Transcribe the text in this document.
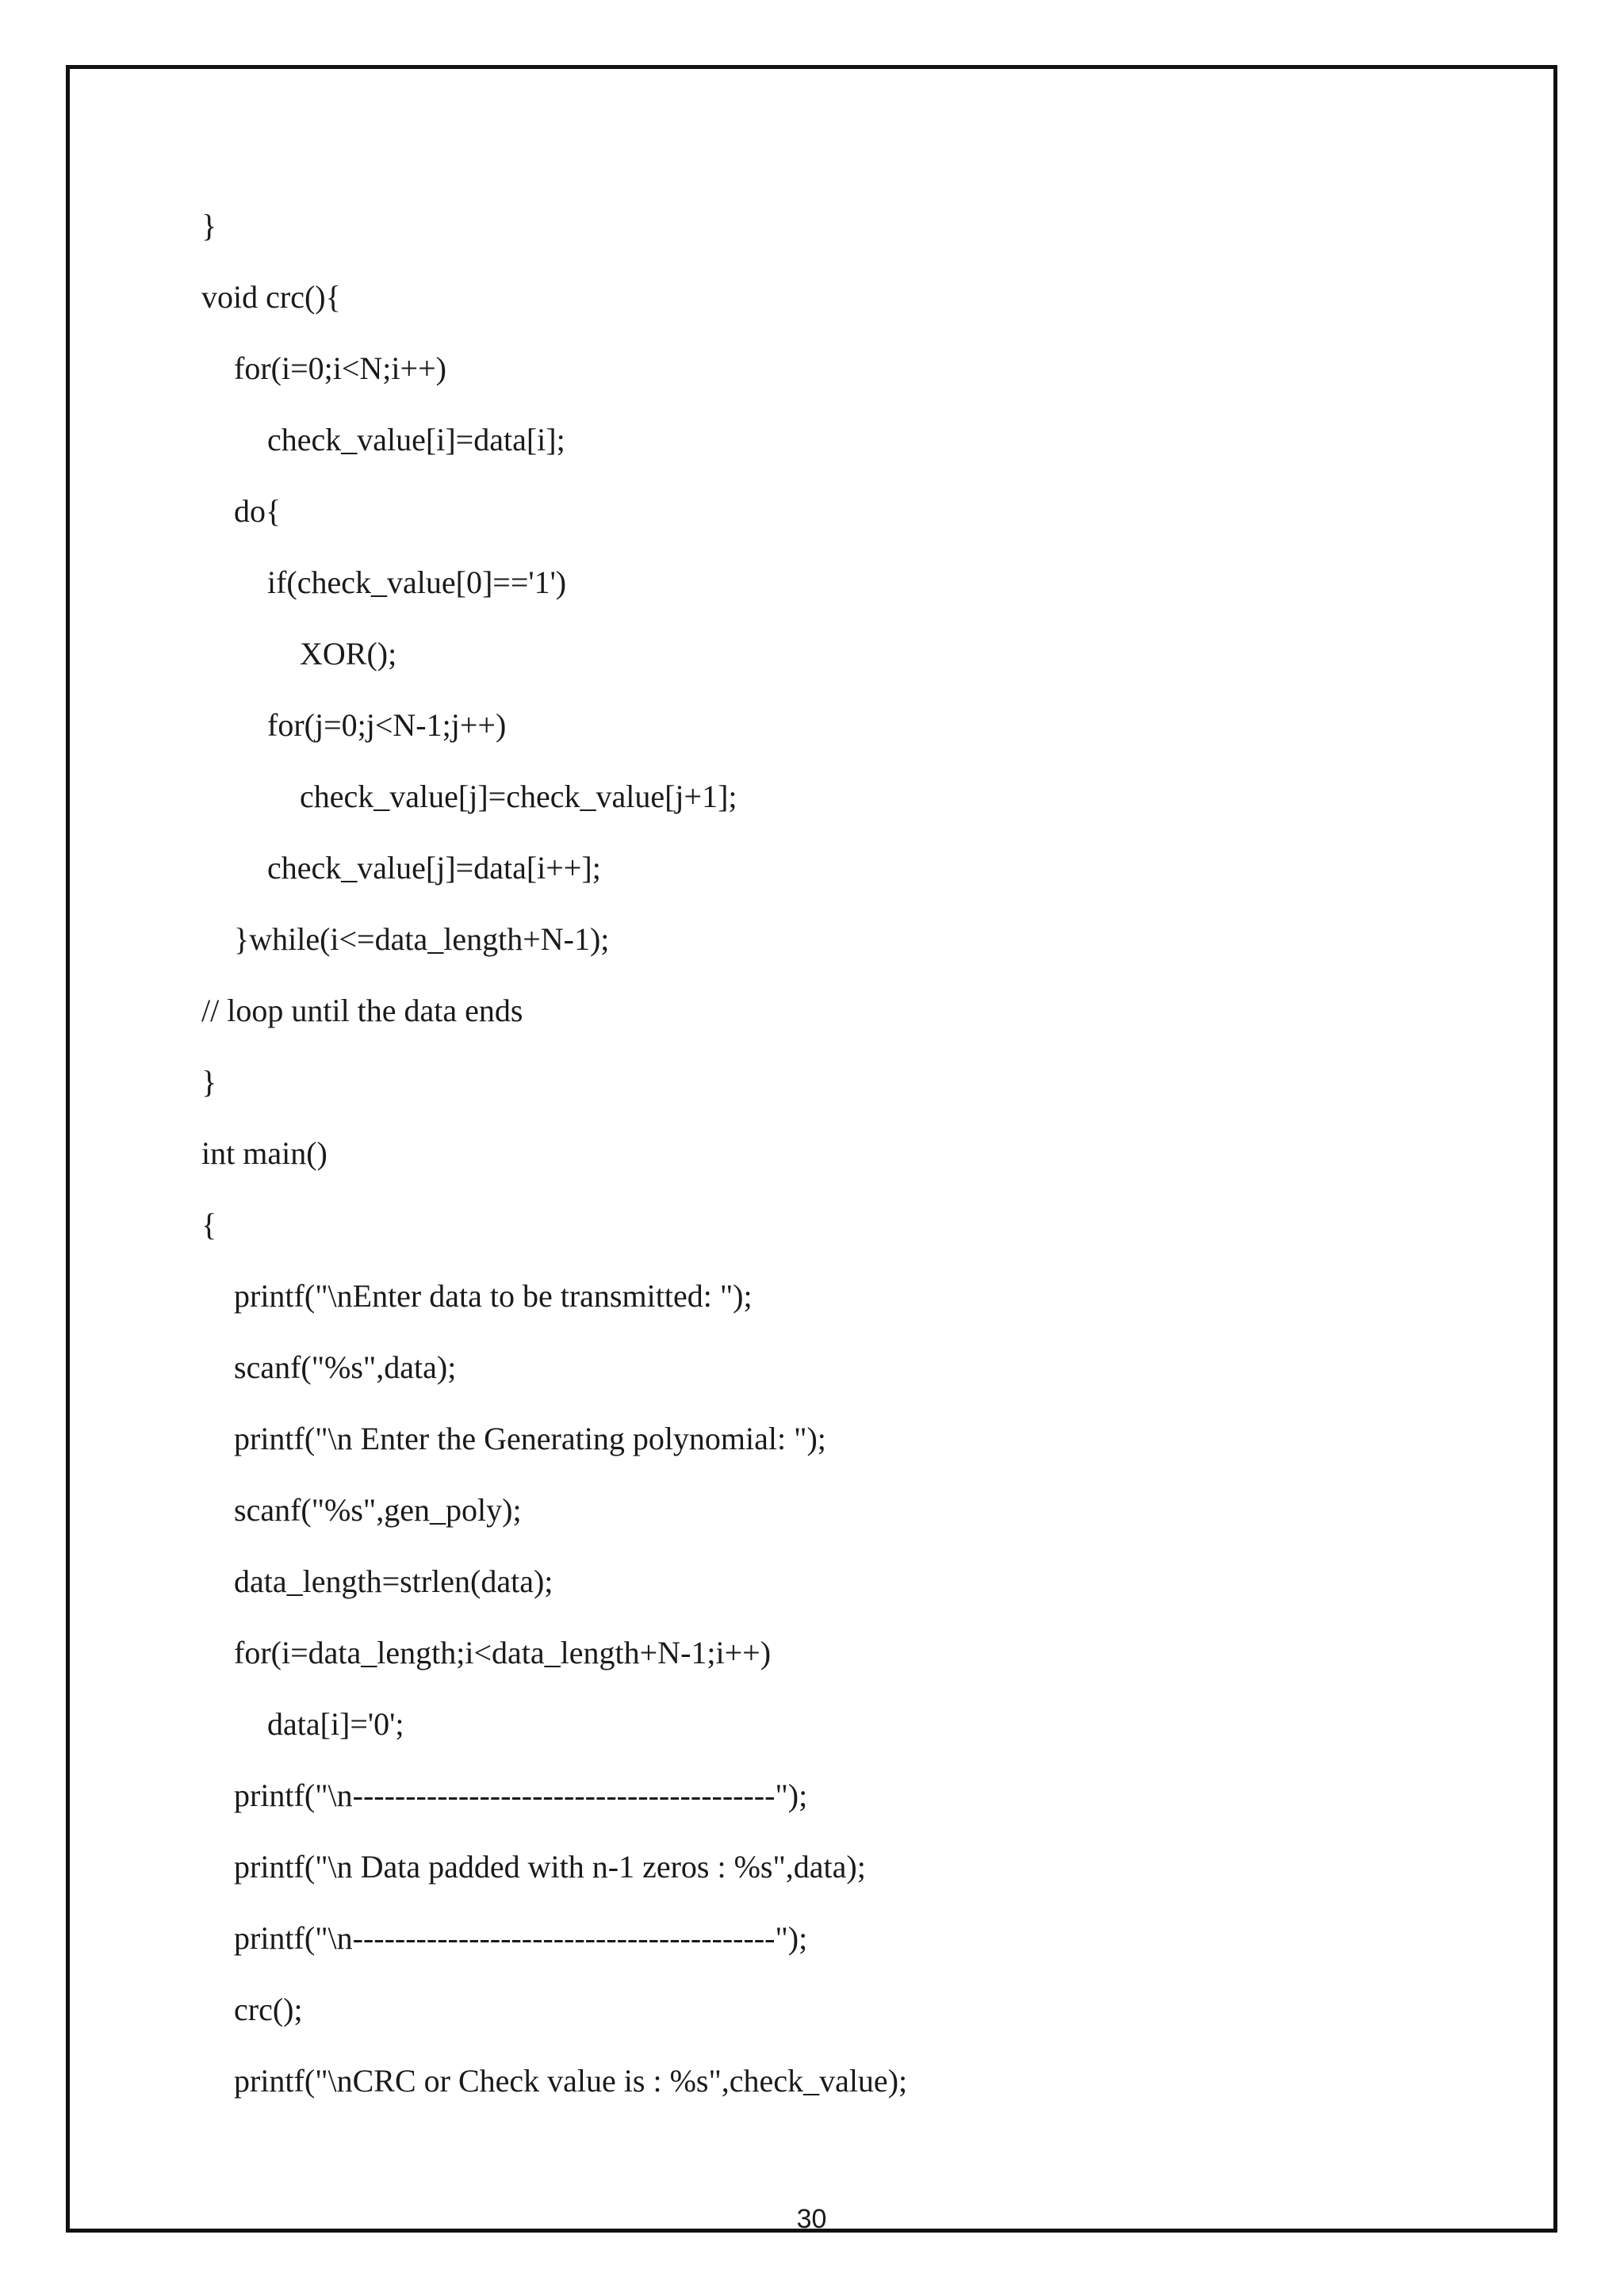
}
void crc(){
for(i=0;i<N;i++)
check_value[i]=data[i];
do{
if(check_value[0]=='1')
XOR();
for(j=0;j<N-1;j++)
check_value[j]=check_value[j+1];
check_value[j]=data[i++];
}while(i<=data_length+N-1);
// loop until the data ends
}
int main()
{
printf("\nEnter data to be transmitted: ");
scanf("%s",data);
printf("\n Enter the Generating polynomial: ");
scanf("%s",gen_poly);
data_length=strlen(data);
for(i=data_length;i<data_length+N-1;i++)
data[i]='0';
printf("\n----------------------------------------");
printf("\n Data padded with n-1 zeros : %s",data);
printf("\n----------------------------------------");
crc();
printf("\nCRC or Check value is : %s",check_value);
30
